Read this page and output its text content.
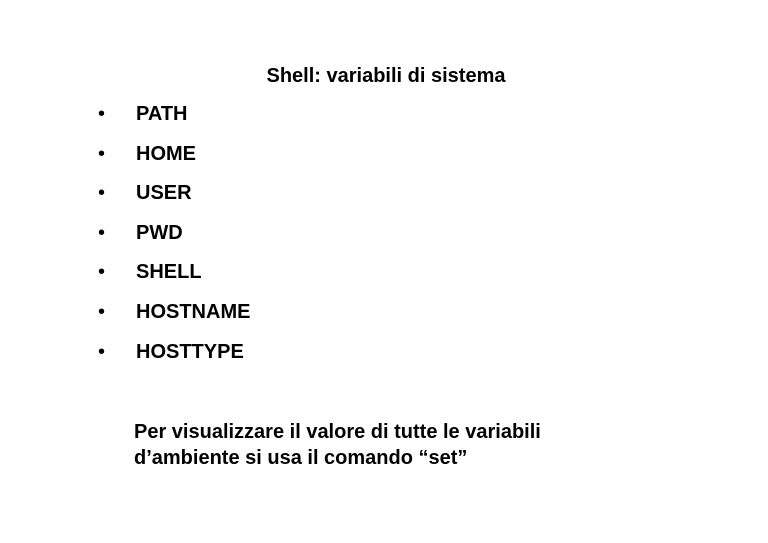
Shell: variabili di sistema
•	PATH
•	HOME
•	USER
•	PWD
•	SHELL
•	HOSTNAME
•	HOSTTYPE
Per visualizzare il valore di tutte le variabili
d’ambiente si usa il comando “set”
